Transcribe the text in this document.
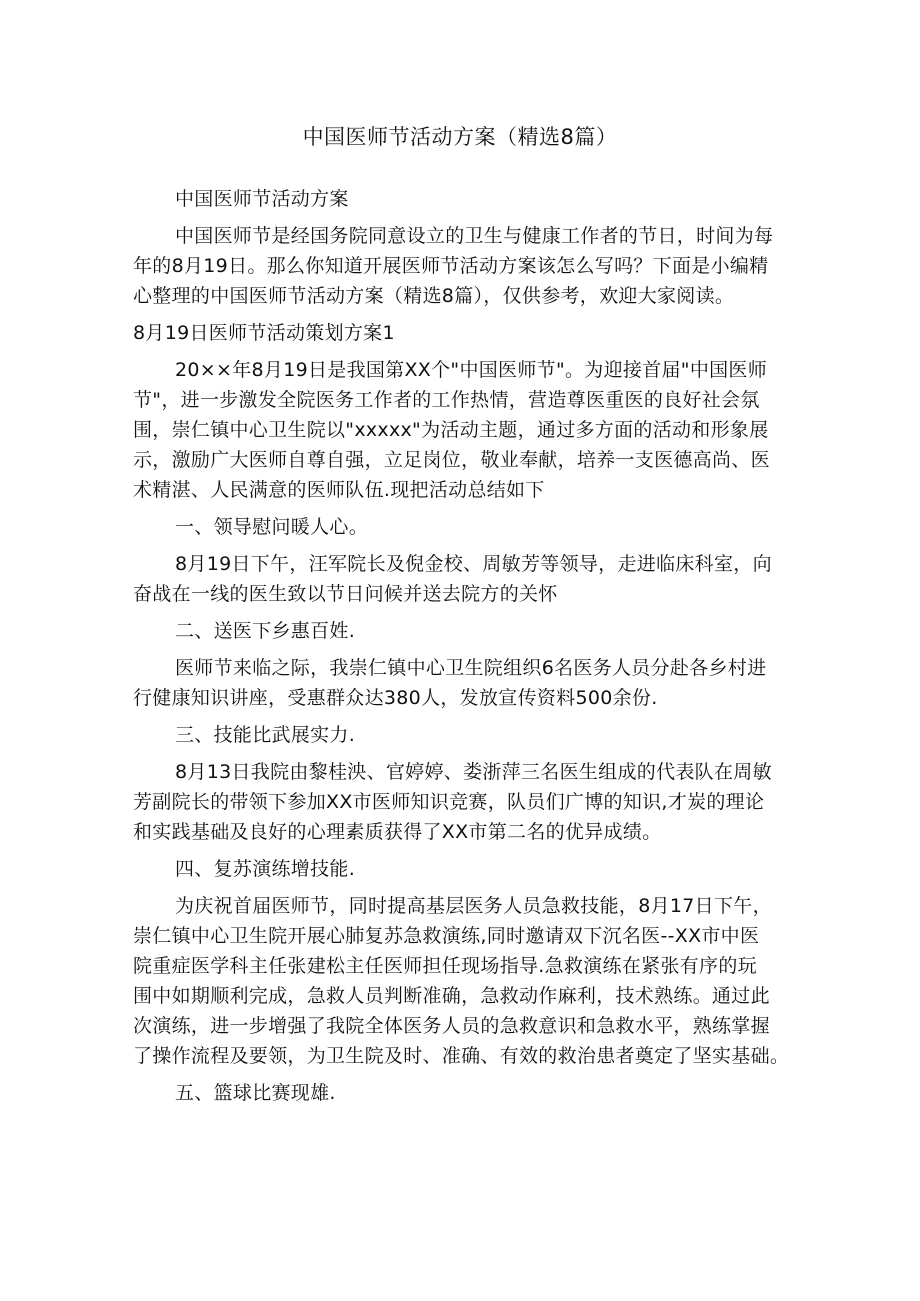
中国医师节活动方案（精选8篇）
中国医师节活动方案
中国医师节是经国务院同意设立的卫生与健康工作者的节日，时间为每
年的8月19日。那么你知道开展医师节活动方案该怎么写吗？下面是小编精
心整理的中国医师节活动方案（精选8篇），仅供参考，欢迎大家阅读。
8月19日医师节活动策划方案1
20××年8月19日是我国第XX个"中国医师节"。为迎接首届"中国医师
节"，进一步激发全院医务工作者的工作热情，营造尊医重医的良好社会氛
围，崇仁镇中心卫生院以"xxxxx"为活动主题，通过多方面的活动和形象展
示，激励广大医师自尊自强，立足岗位，敬业奉献，培养一支医德高尚、医
术精湛、人民满意的医师队伍.现把活动总结如下
一、领导慰问暖人心。
8月19日下午，汪军院长及倪金校、周敏芳等领导，走进临床科室，向
奋战在一线的医生致以节日问候并送去院方的关怀
二、送医下乡惠百姓.
医师节来临之际，我崇仁镇中心卫生院组织6名医务人员分赴各乡村进
行健康知识讲座，受惠群众达380人，发放宣传资料500余份.
三、技能比武展实力.
8月13日我院由黎桂泱、官婷婷、娄浙萍三名医生组成的代表队在周敏
芳副院长的带领下参加XX市医师知识竞赛，队员们广博的知识,才炭的理论
和实践基础及良好的心理素质获得了XX市第二名的优异成绩。
四、复苏演练增技能.
为庆祝首届医师节，同时提高基层医务人员急救技能，8月17日下午，
崇仁镇中心卫生院开展心肺复苏急救演练,同时邀请双下沉名医--XX市中医
院重症医学科主任张建松主任医师担任现场指导.急救演练在紧张有序的玩
围中如期顺利完成，急救人员判断准确，急救动作麻利，技术熟练。通过此
次演练，进一步增强了我院全体医务人员的急救意识和急救水平，熟练掌握
了操作流程及要领，为卫生院及时、准确、有效的救治患者奠定了坚实基础。
五、篮球比赛现雄.
